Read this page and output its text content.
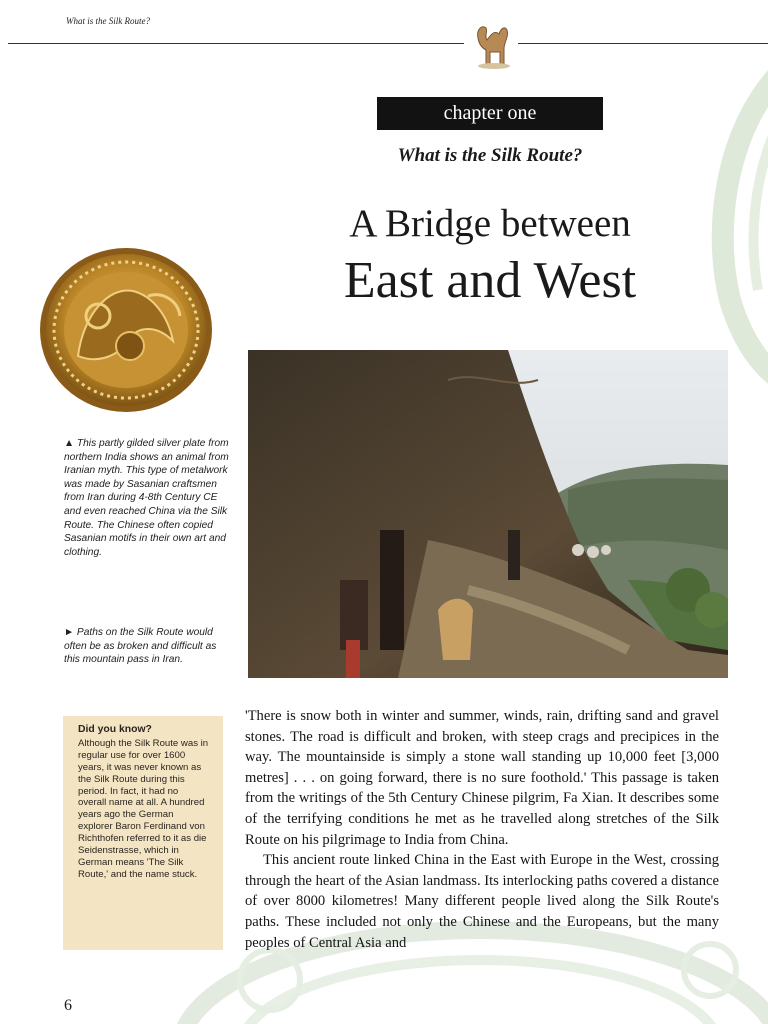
What is the Silk Route?
chapter one
What is the Silk Route?
A Bridge between
East and West
▲ This partly gilded silver plate from northern India shows an animal from Iranian myth. This type of metalwork was made by Sasanian craftsmen from Iran during 4-8th Century CE and even reached China via the Silk Route. The Chinese often copied Sasanian motifs in their own art and clothing.
► Paths on the Silk Route would often be as broken and difficult as this mountain pass in Iran.
Did you know?
Although the Silk Route was in regular use for over 1600 years, it was never known as the Silk Route during this period. In fact, it had no overall name at all. A hundred years ago the German explorer Baron Ferdinand von Richthofen referred to it as die Seidenstrasse, which in German means 'The Silk Route,' and the name stuck.

'There is snow both in winter and summer, winds, rain, drifting sand and gravel stones. The road is difficult and broken, with steep crags and precipices in the way. The mountainside is simply a stone wall standing up 10,000 feet [3,000 metres] . . . on going forward, there is no sure foothold.' This passage is taken from the writings of the 5th Century Chinese pilgrim, Fa Xian. It describes some of the terrifying conditions he met as he travelled along stretches of the Silk Route on his pilgrimage to India from China.

This ancient route linked China in the East with Europe in the West, crossing through the heart of the Asian landmass. Its interlocking paths covered a distance of over 8000 kilometres! Many different people lived along the Silk Route's paths. These included not only the Chinese and the Europeans, but the many peoples of Central Asia and

6
